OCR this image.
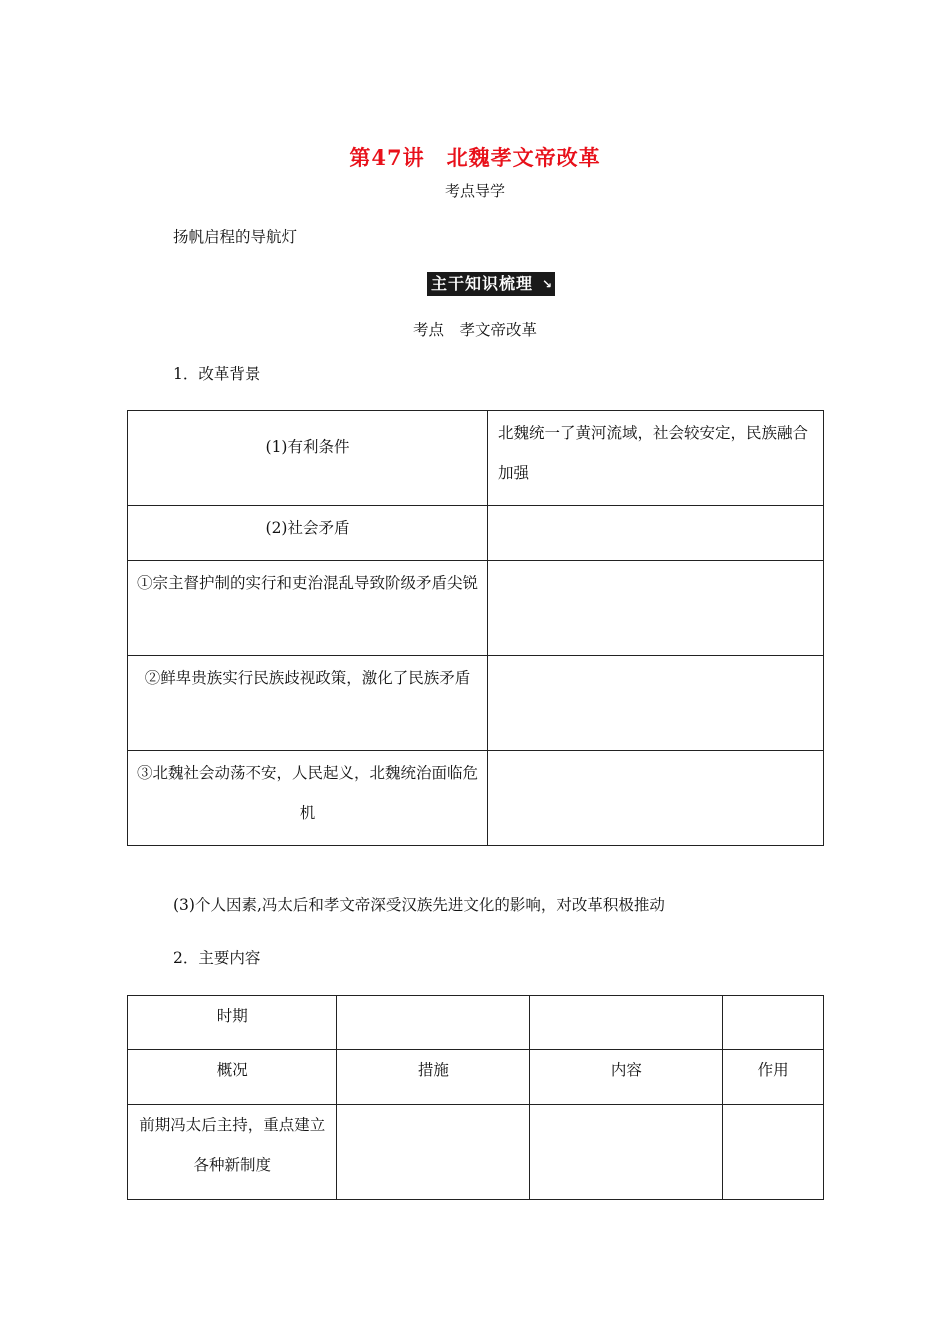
第47讲　北魏孝文帝改革
考点导学
扬帆启程的导航灯
主干知识梳理 ↘
考点　孝文帝改革
1．改革背景
(1)有利条件	北魏统一了黄河流域，社会较安定，民族融合加强
(2)社会矛盾	
①宗主督护制的实行和吏治混乱导致阶级矛盾尖锐	
②鲜卑贵族实行民族歧视政策，激化了民族矛盾	
③北魏社会动荡不安，人民起义，北魏统治面临危机	
(3)个人因素,冯太后和孝文帝深受汉族先进文化的影响，对改革积极推动
2．主要内容
时期			
概况	措施	内容	作用
前期冯太后主持，重点建立各种新制度			
